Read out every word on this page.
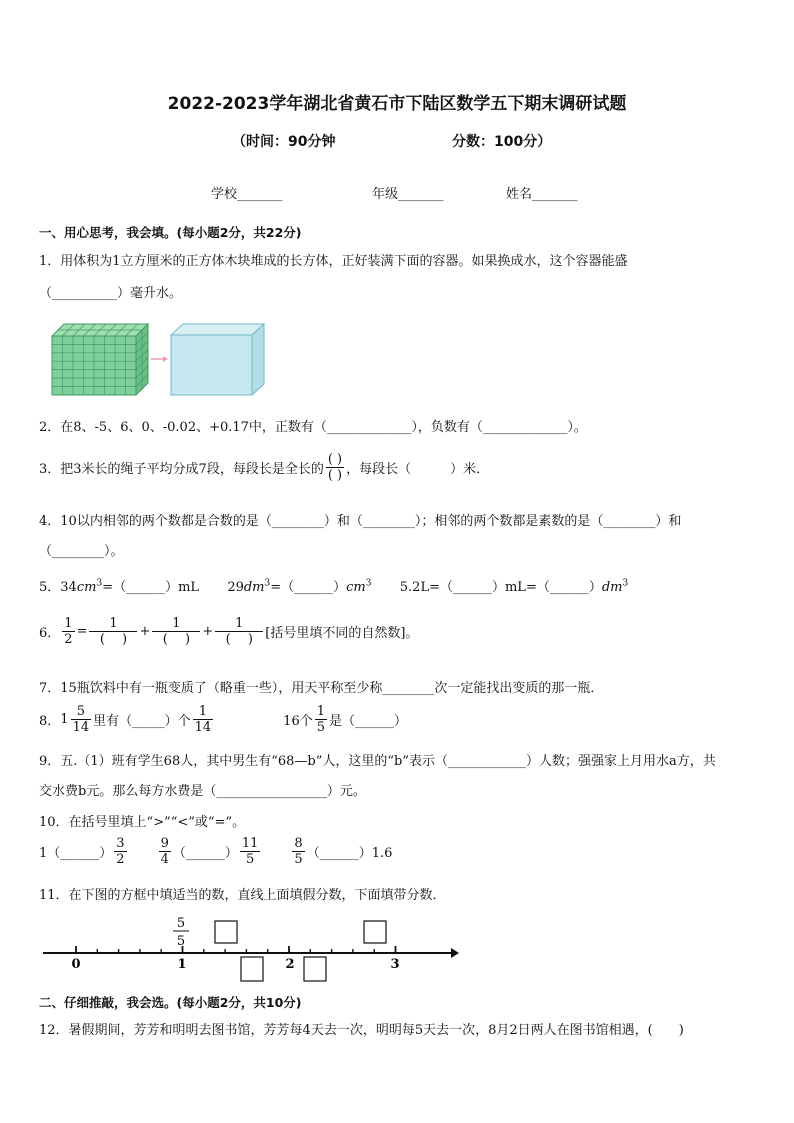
2022-2023学年湖北省黄石市下陆区数学五下期末调研试题
（时间：90分钟	分数：100分）
学校_______	年级_______	姓名_______
一、用心思考，我会填。(每小题2分，共22分)
1．用体积为1立方厘米的正方体木块堆成的长方体，正好装满下面的容器。如果换成水，这个容器能盛
（__________）毫升水。
2．在8、-5、6、0、-0.02、+0.17中，正数有（_____________），负数有（_____________）。
3．把3米长的绳子平均分成7段，每段长是全长的 $\frac{( )}{( )}$ ，每段长（　　　）米．
4．10以内相邻的两个数都是合数的是（________）和（________）；相邻的两个数都是素数的是（________）和
（________）。
5．$34cm^3=(\_\_\_\_\_\_)mL$ $29dm^3=(\_\_\_\_\_\_)cm^3$ $5.2L=(\_\_\_\_\_\_)mL=(\_\_\_\_\_\_)dm^3$
6． $\frac{1}{2} = \frac{1}{( )} + \frac{1}{( )} + \frac{1}{( )}$ [括号里填不同的自然数]。
7．15瓶饮料中有一瓶变质了（略重一些），用天平称至少称________次一定能找出变质的那一瓶．
8． $1 \frac{5}{14}$ 里有（_____）个 $\frac{1}{14}$	16个 $\frac{1}{5}$ 是（______）
9．五.（1）班有学生68人，其中男生有“68—b”人，这里的“b”表示（____________）人数；强强家上月用水a方，共
交水费b元。那么每方水费是（_________________）元。
10．在括号里填上“>”“<”或“=”。
1（______） $\frac{3}{2} \frac{9}{4}$ （______） $\frac{11}{5} \frac{8}{5}$ （______）1.6
11．在下图的方框中填适当的数，直线上面填假分数，下面填带分数．
5
5
0	1	2	3
二、仔细推敲，我会选。(每小题2分，共10分)
12．暑假期间，芳芳和明明去图书馆，芳芳每4天去一次，明明每5天去一次，8月2日两人在图书馆相遇，(　　)
